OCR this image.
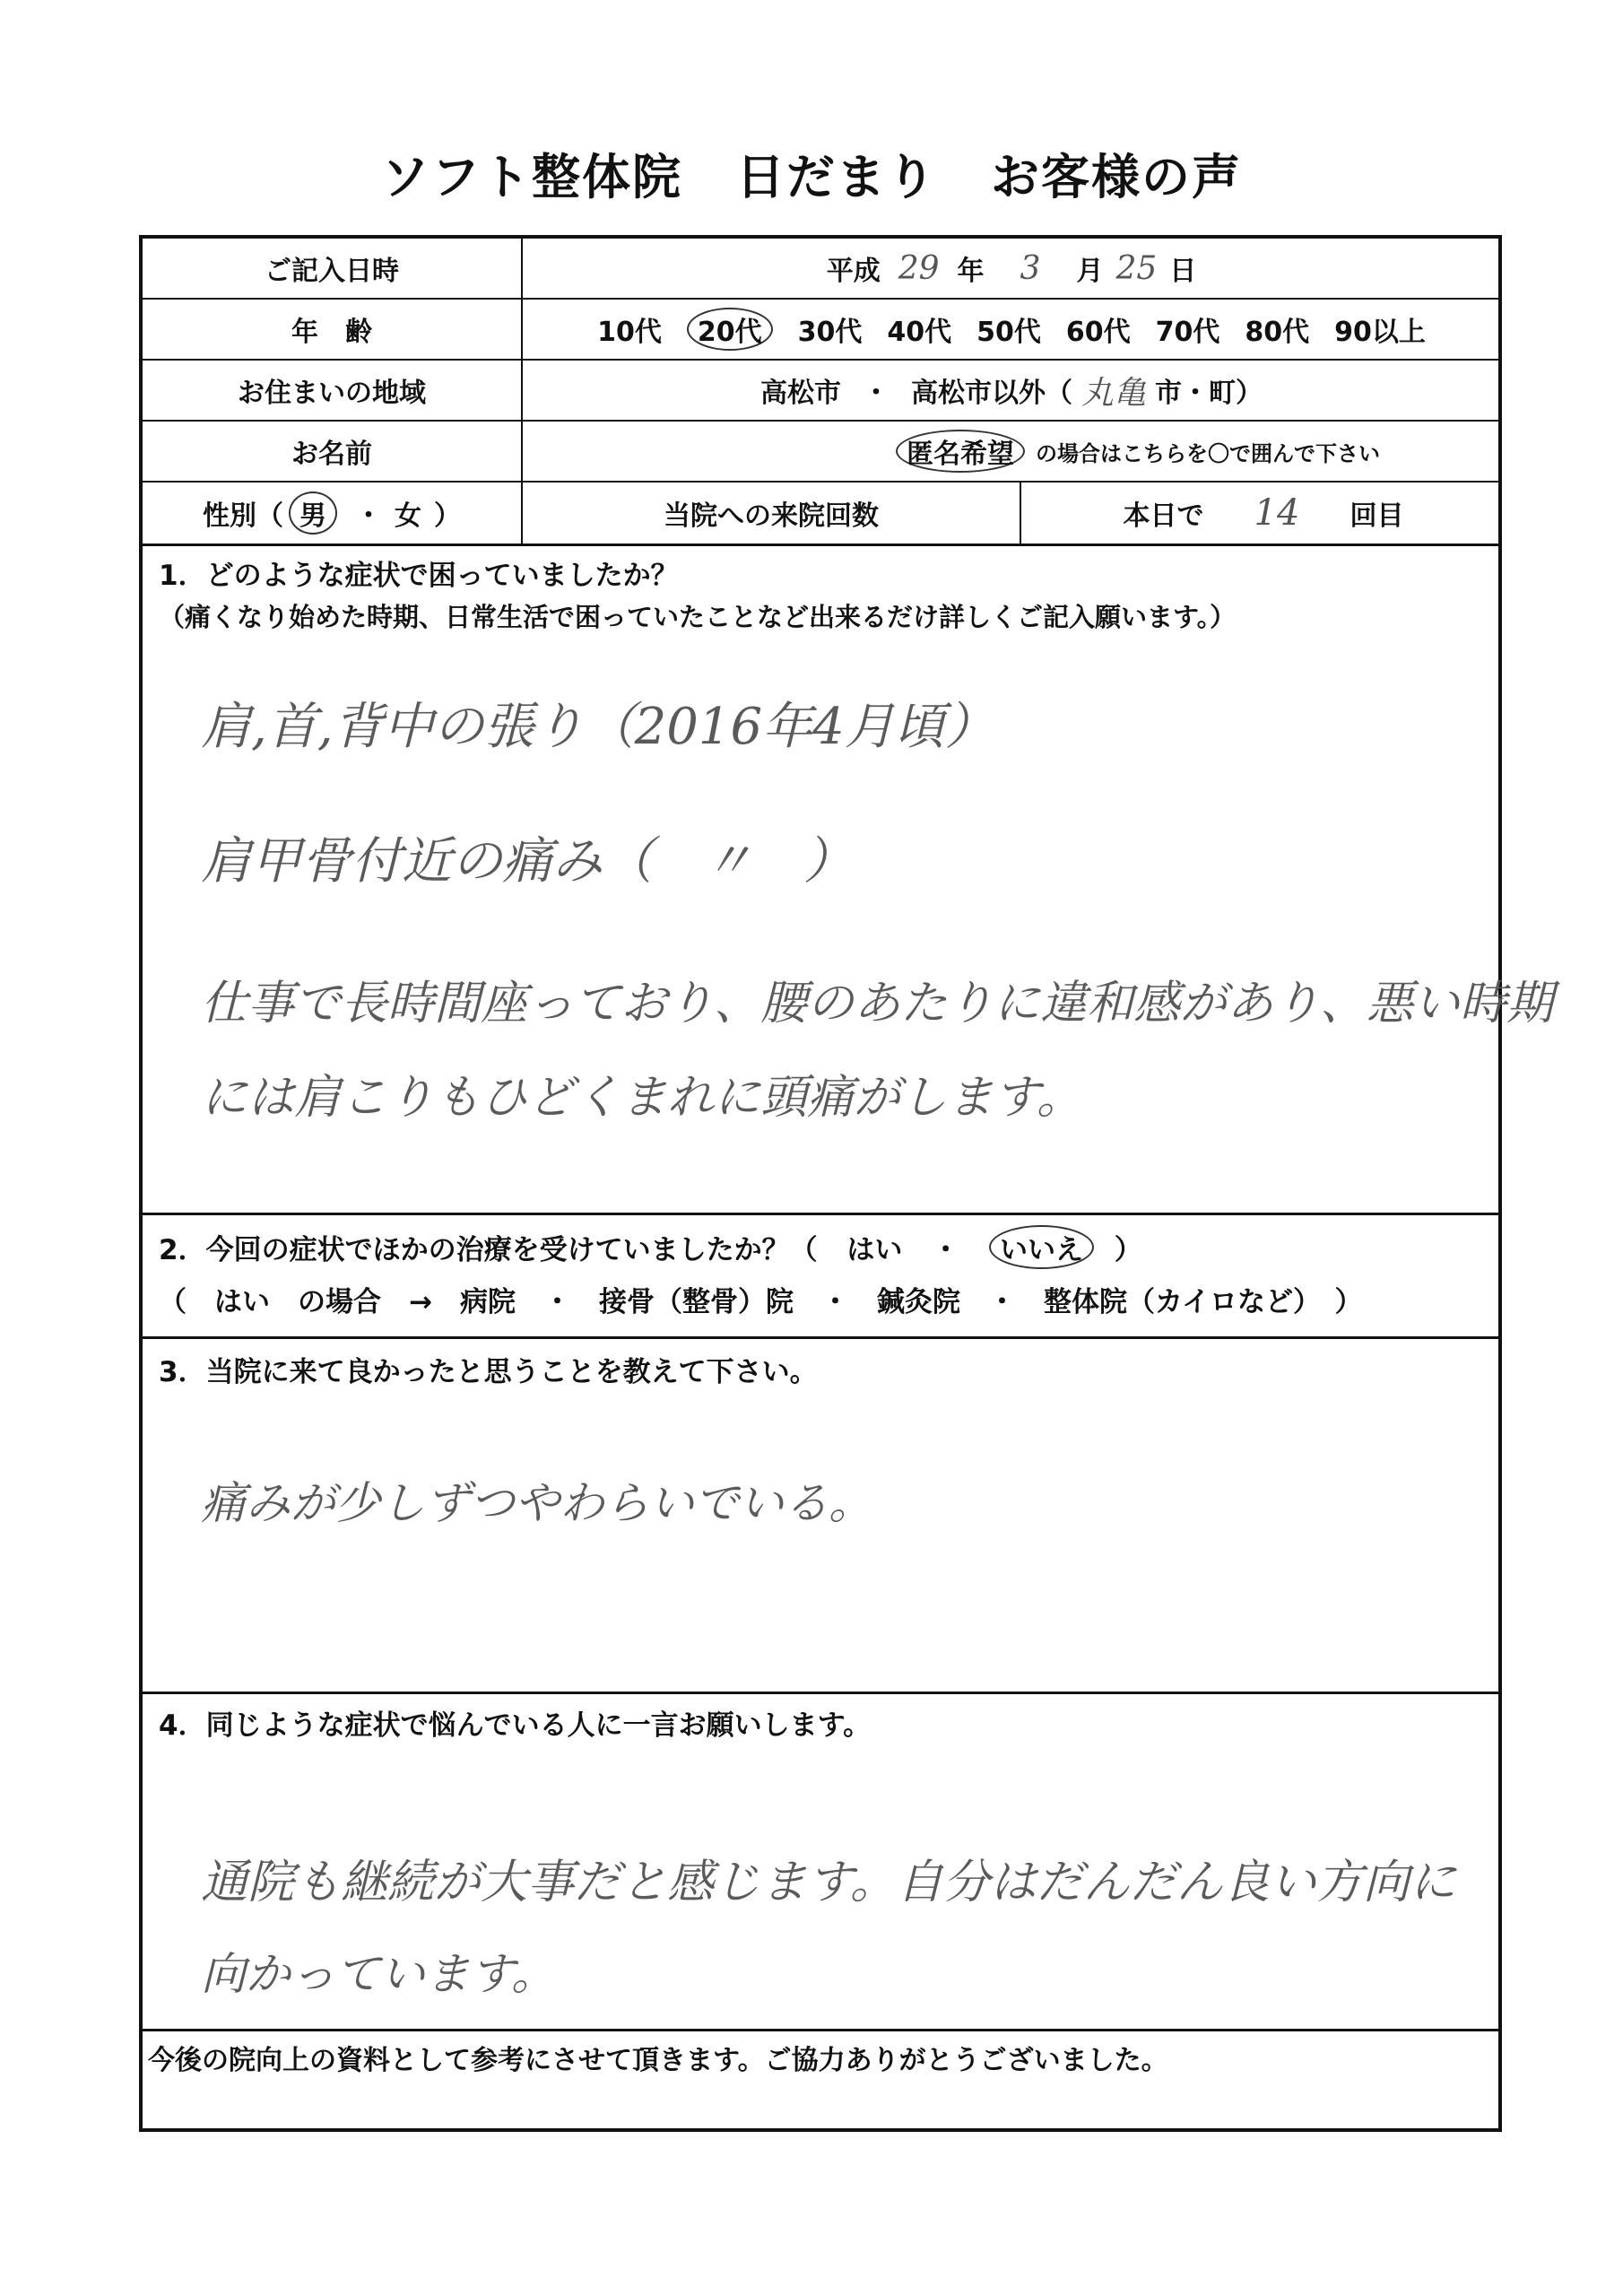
ソフト整体院 日だまり お客様の声
ご記入日時	平成 29 年 3 月 25 日
年　齢	10代	20代	30代 40代 50代 60代 70代 80代 90以上
お住まいの地域	高松市 ・ 高松市以外（ 丸亀 市・町）
お名前	匿名希望	の場合はこちらを〇で囲んで下さい
性別（ 男	・ 女 ）	当院への来院回数	本日で 14 回目
1．どのような症状で困っていましたか？
（痛くなり始めた時期、日常生活で困っていたことなど出来るだけ詳しくご記入願います。）
肩,首,背中の張り（2016年4月頃）
肩甲骨付近の痛み（　〃　）
仕事で長時間座っており、腰のあたりに違和感があり、悪い時期
には肩こりもひどくまれに頭痛がします。
2．今回の症状でほかの治療を受けていましたか？（ はい ・ いいえ ）
（　はい　の場合　→　病院　・　接骨（整骨）院　・　鍼灸院　・　整体院（カイロなど）　）
3．当院に来て良かったと思うことを教えて下さい。
痛みが少しずつやわらいでいる。
4．同じような症状で悩んでいる人に一言お願いします。
通院も継続が大事だと感じます。自分はだんだん良い方向に
向かっています。
今後の院向上の資料として参考にさせて頂きます。ご協力ありがとうございました。
